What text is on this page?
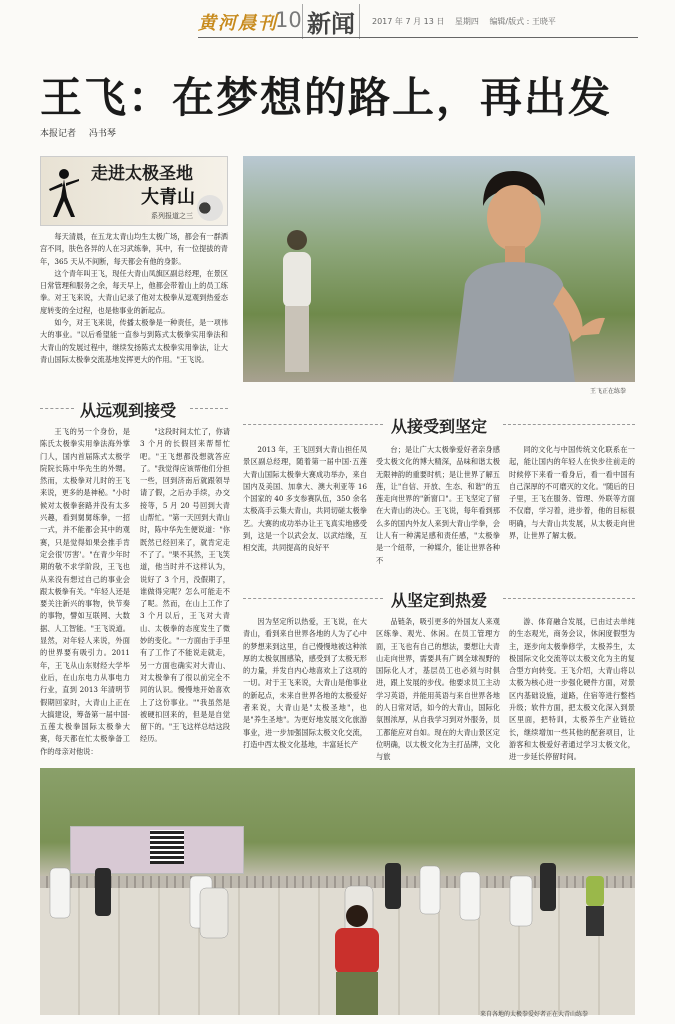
黄河晨刊
10 新闻	2017 年 7 月 13 日 星期四 编辑/版式 : 王晓平
王飞：在梦想的路上，再出发
本报记者 冯书琴
走进太极圣地
大青山
系列报道之三

每天清晨，在五龙太青山均生太极广场，都会有一群洒宫不同，肤色各异的人在习武练拳，其中，有一位提拔的青年，365 天从不间断，每天都会有他的身影。

这个青年叫王飞，现任大青山凤旗区副总经理，在景区日常管理和服务之余，每天早上，他都会带着山上的员工练拳。对王飞来说，大青山记录了他对太极拳从逗观到热爱态度转变的全过程，也是他事业的新起点。

如今，对王飞来说，传播太极拳是一种责任，是一项伟大的事业。"以后希望能一直参与到陈式太极拳实用拳法和大青山的发展过程中，继续发扬陈式太极拳实用拳法，让大青山国际太极拳交流基地发挥更大的作用。"王飞说。

王飞正在练拳
从远观到接受
王飞的另一个身份，是陈氏太极拳实用拳法海外掌门人，国内首届陈式太极学院院长陈中华先生的外甥。然而，太极拳对儿时的王飞来说，更多的是神秘。"小时候对太极拳套路并没有太多兴趣，看到舅舅练拳，一招一式，并不能都会其中的观赛，只是觉得如果会推手肯定会很'厉害'。"在青少年时期的敬不求学阶段，王飞也从来没有想过自己的事业会跟太极拳有关。"年轻人还是要关注新兴的事物，快节奏的事物，譬如互联网、大数据、人工智能。"王飞说道。显然，对年轻人来说，外面的世界要有吸引力。2011 年，王飞从山东财经大学毕业后，在山东电力从事电力行业，直到 2013 年清明节假期回家时，大青山上正在大搞建设，筹备第一届中国·五莲太极拳国际太极拳大赛，每天都在忙太极拳备工作的母亲对他说：
"这段时间太忙了，你请 3 个月的长假回来帮帮忙吧。"王飞想都没想就答应了。"我觉得应该帮他们分担一些，回到济南后就跟领导请了假，之后办手续，办交接等，5 月 20 号回到大青山帮忙。"第一天回到大青山时，陈中华先生便说道："你既然已经回来了，就肯定走不了了。"果不其然，王飞笑道，他当时并不这样认为，说好了 3 个月，没假期了，谁做得完呢？怎么可能走不了呢。然而，在山上工作了 3 个月以后，王飞对大青山、太极拳的态度发生了微妙的变化。"一方面由于手里有了工作了不能说走就走，另一方面也确实对大青山、对太极拳有了很以前完全不同的认识。慢慢地开始喜欢上了这份事业。""我虽然是被硬扣回来的，但是是自觉留下的。"王飞这样总结这段经历。
从接受到坚定
2013 年，王飞回到大青山担任凤景区副总经理，随着第一届中国·五莲大青山国际太极拳大赛成功举办，来自国内及美国、加拿大、澳大利亚等 16 个国家的 40 多支参赛队伍，350 余名太极高手云集大青山，共同切磋太极拳艺。大赛的成功举办让王飞真实地感受到，这是一个以武会友、以武结缘，互相交流，共同提高的良好平
台；是让广大太极拳爱好者亲身感受太极文化的博大精深，品味和谐太极无限神韵的重要时机；是让世界了解五莲，让"自信、开放、生态、和谐"的五莲走向世界的"新窗口"。王飞坚定了留在大青山的决心。王飞说，每年看到那么多的国内外友人来到大青山学拳，会让人有一种满足感和责任感，"太极拳是一个纽带，一种媒介，能让世界各种不
同的文化与中国传统文化联系在一起，能让国内的年轻人在快步往前走的时候停下来看一看身后，看一看中国有自己深厚的不可磨灭的文化。"随后的日子里，王飞在服务、管理、外联等方面不仅磨，学习着，进步着，他的目标很明确，与大青山共发展，从太极走向世界，让世界了解太极。
从坚定到热爱
因为坚定所以热爱，王飞说，在大青山，看到来自世界各地的人为了心中的梦想来到这里，自己慢慢地被这种浓厚的太极氛围感染，感受到了太极无形的力量，并发自内心地喜欢上了这项的一切。对于王飞来说，大青山是他事业的新起点，未来自世界各地的太极爱好者来说，大青山是"太极圣地"，也是"养生圣地"。为更好地发展文化旅游事业，进一步加强国际太极文化交流，打造中西太极文化基地，丰富延长产
品链条，吸引更多的外国友人来观区练拳、观光、休闲。在员工管理方面，王飞也有自己的想法，要想让大青山走向世界，需要具有广阔全球视野的国际化人才，基层员工也必须与时俱进，跟上发展的步伐。他要求员工主动学习英语，并能用英语与来自世界各地的人日常对话，如今的大青山，国际化氛围浓厚，从自我学习到对外服务，员工都能应对自如。现在的大青山景区定位明确，以太极文化为主打品牌，文化与旅
游、体育融合发展，已由过去单纯的生态观光，商务会议，休闲度假型为主，逐步向太极拳修学，太极养生，太极国际文化交流等以太极文化为主的复合型方向转变。王飞介绍，大青山将以太极为核心进一步强化硬件方面，对景区内基础设施，道路，住宿等进行整档升级；软件方面，把太极文化深入到景区里面，把特训，太极养生产业链拉长，继续增加一些其他的配套项目，让游客和太极爱好者通过学习太极文化，进一步延长停留时间。
来自各地的太极拳爱好者正在大青山练拳
